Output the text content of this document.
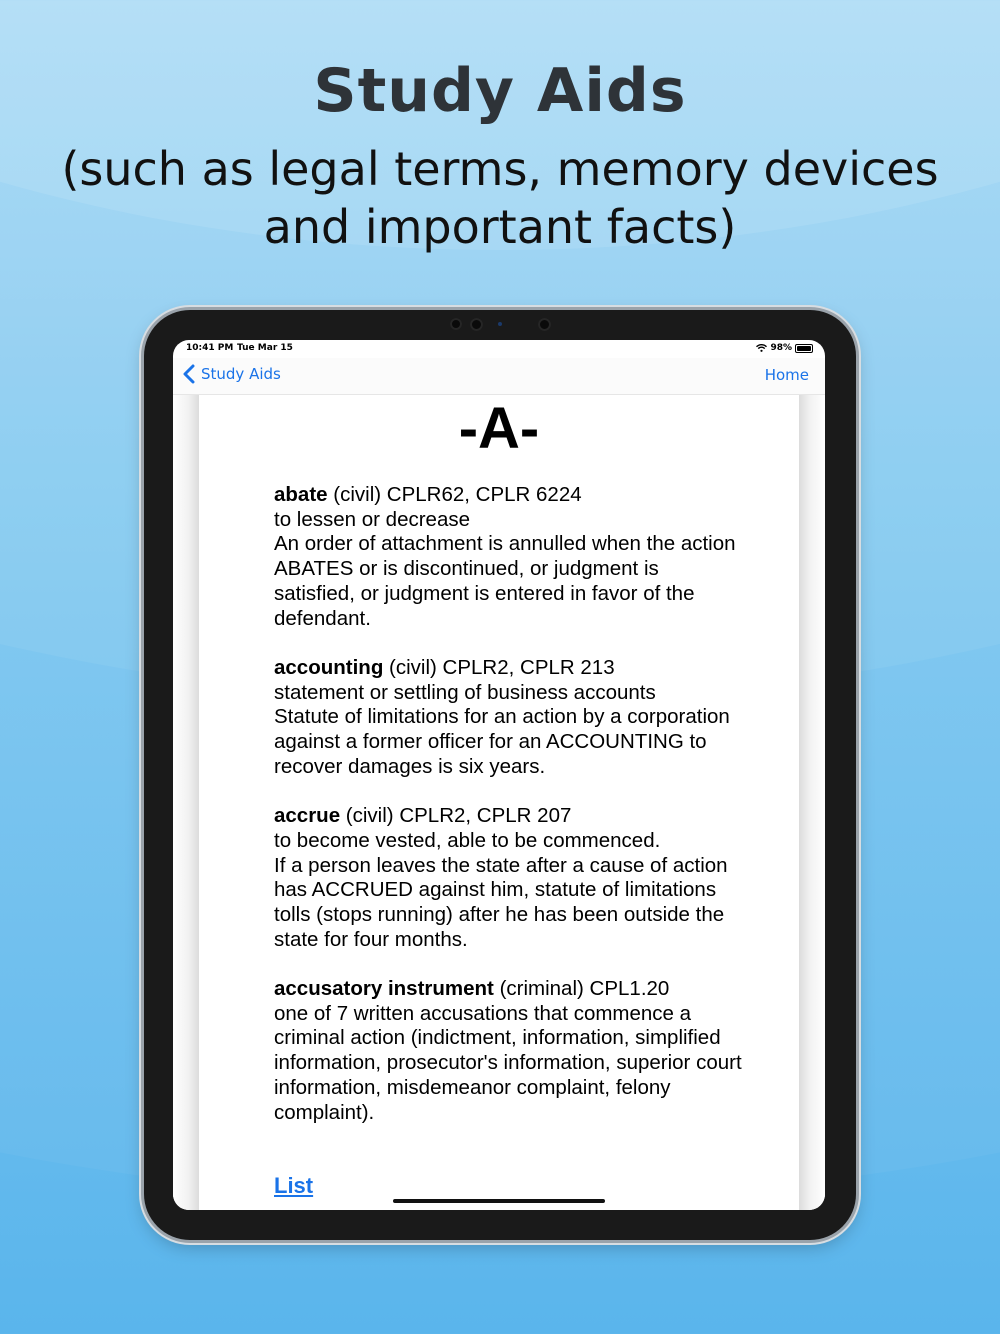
Study Aids
(such as legal terms, memory devices
and important facts)
10:41 PM Tue Mar 15	98%
Study Aids	Home
-A-
abate (civil) CPLR62, CPLR 6224
to lessen or decrease
An order of attachment is annulled when the action ABATES or is discontinued, or judgment is satisfied, or judgment is entered in favor of the defendant.
accounting (civil) CPLR2, CPLR 213
statement or settling of business accounts
Statute of limitations for an action by a corporation against a former officer for an ACCOUNTING to recover damages is six years.
accrue (civil) CPLR2, CPLR 207
to become vested, able to be commenced.
If a person leaves the state after a cause of action has ACCRUED against him, statute of limitations tolls (stops running) after he has been outside the state for four months.
accusatory instrument (criminal) CPL1.20
one of 7 written accusations that commence a criminal action (indictment, information, simplified information, prosecutor's information, superior court information, misdemeanor complaint, felony complaint).
List
